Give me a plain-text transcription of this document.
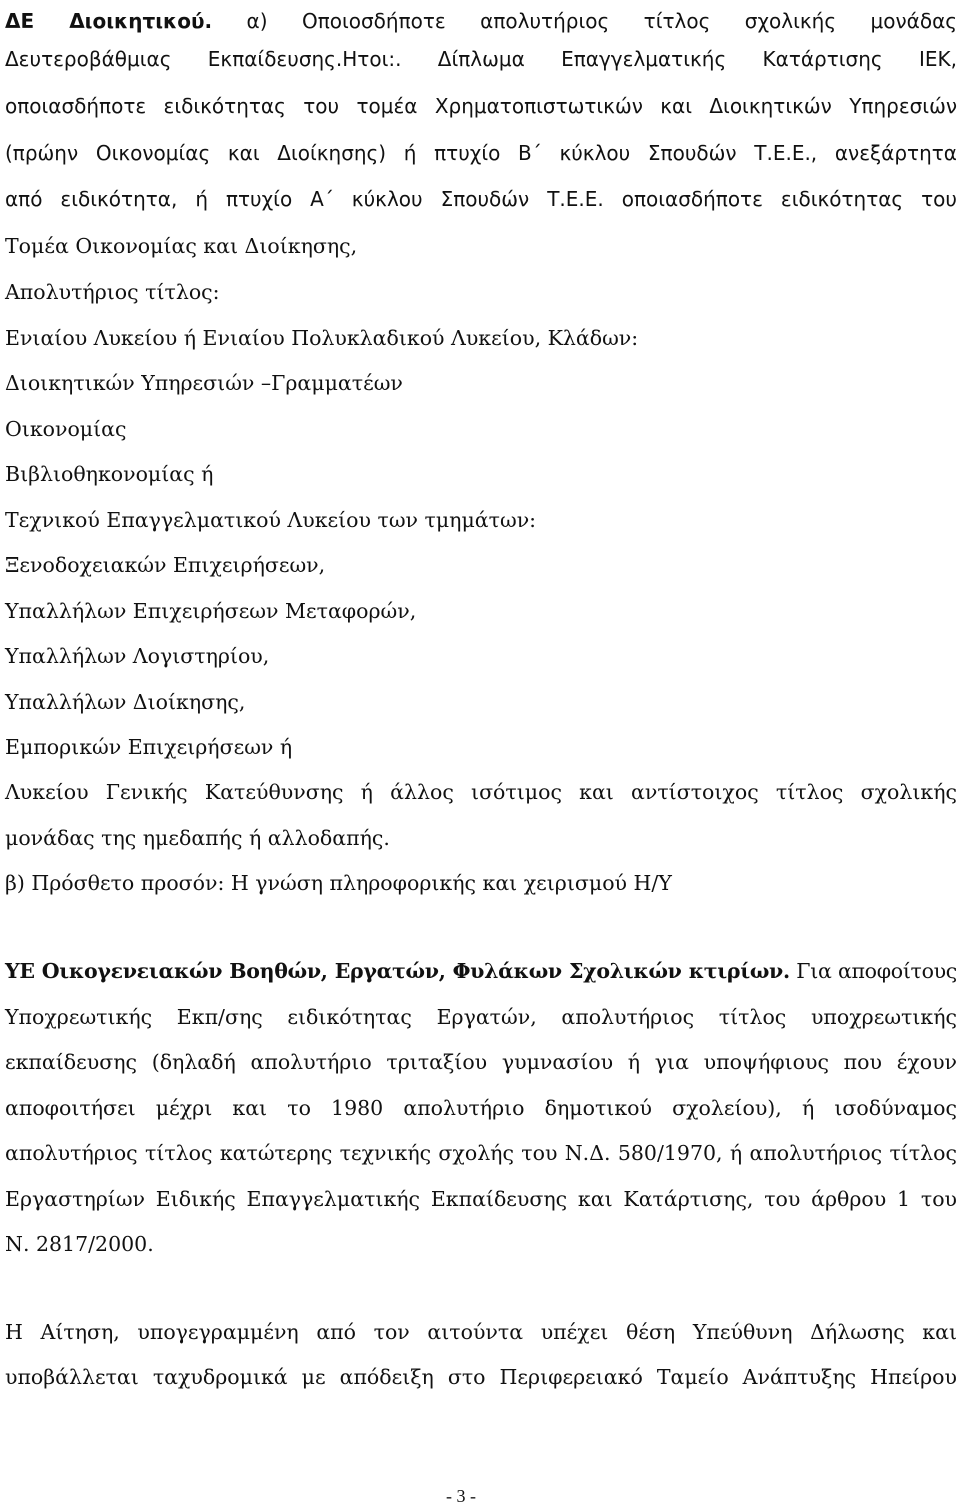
ΔΕ Διοικητικού. α) Οποιοσδήποτε απολυτήριος τίτλος σχολικής μονάδας

Δευτεροβάθμιας Εκπαίδευσης.Ητοι:. Δίπλωμα Επαγγελματικής Κατάρτισης ΙΕΚ,

οποιασδήποτε ειδικότητας του τομέα Χρηματοπιστωτικών και Διοικητικών Υπηρεσιών

(πρώην Οικονομίας και Διοίκησης) ή πτυχίο Β΄ κύκλου Σπουδών Τ.Ε.Ε., ανεξάρτητα

από ειδικότητα, ή πτυχίο Α΄ κύκλου Σπουδών Τ.Ε.Ε. οποιασδήποτε ειδικότητας του

Τομέα Οικονομίας και Διοίκησης,

Απολυτήριος τίτλος:

Ενιαίου Λυκείου ή Ενιαίου Πολυκλαδικού Λυκείου, Κλάδων:

Διοικητικών Υπηρεσιών –Γραμματέων

Οικονομίας

Βιβλιοθηκονομίας ή

Τεχνικού Επαγγελματικού Λυκείου των τμημάτων:

Ξενοδοχειακών Επιχειρήσεων,

Υπαλλήλων Επιχειρήσεων Μεταφορών,

Υπαλλήλων Λογιστηρίου,

Υπαλλήλων Διοίκησης,

Εμπορικών Επιχειρήσεων ή

Λυκείου Γενικής Κατεύθυνσης ή άλλος ισότιμος και αντίστοιχος τίτλος σχολικής

μονάδας της ημεδαπής ή αλλοδαπής.

β) Πρόσθετο προσόν: Η γνώση πληροφορικής και χειρισμού Η/Υ

ΥΕ Οικογενειακών Βοηθών, Εργατών, Φυλάκων Σχολικών κτιρίων. Για αποφοίτους

Υποχρεωτικής Εκπ/σης ειδικότητας Εργατών, απολυτήριος τίτλος υποχρεωτικής

εκπαίδευσης (δηλαδή απολυτήριο τριταξίου γυμνασίου ή για υποψήφιους που έχουν

αποφοιτήσει μέχρι και το 1980 απολυτήριο δημοτικού σχολείου), ή ισοδύναμος

απολυτήριος τίτλος κατώτερης τεχνικής σχολής του Ν.Δ. 580/1970, ή απολυτήριος τίτλος

Εργαστηρίων Ειδικής Επαγγελματικής Εκπαίδευσης και Κατάρτισης, του άρθρου 1 του

Ν. 2817/2000.

Η Αίτηση, υπογεγραμμένη από τον αιτούντα υπέχει θέση Υπεύθυνη Δήλωσης και

υποβάλλεται ταχυδρομικά με απόδειξη στο Περιφερειακό Ταμείο Ανάπτυξης Ηπείρου

- 3 -
